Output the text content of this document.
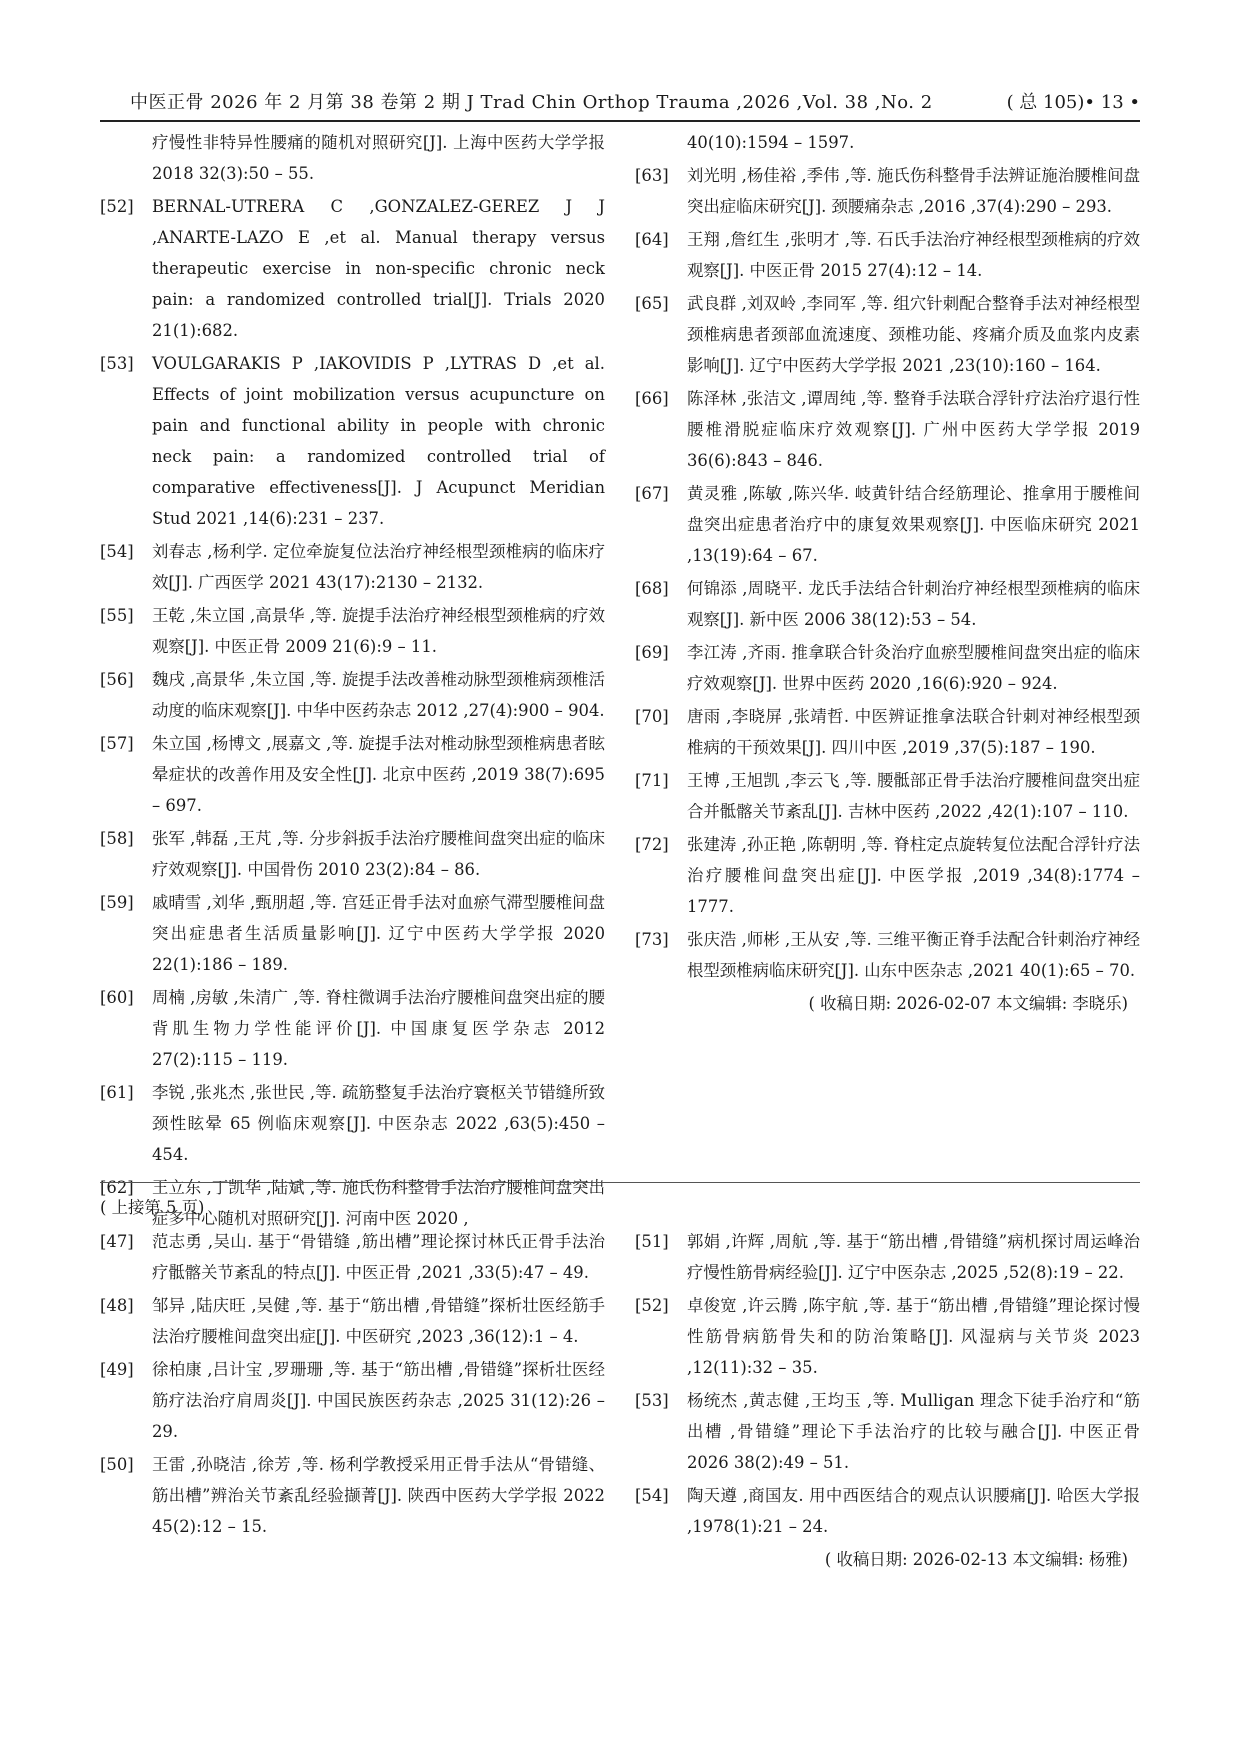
中医正骨 2026 年 2 月第 38 卷第 2 期 J Trad Chin Orthop Trauma ,2026 ,Vol. 38 ,No. 2	( 总 105)• 13 •

疗慢性非特异性腰痛的随机对照研究[J]. 上海中医药大学学报 2018 32(3):50 – 55.

[52]	BERNAL-UTRERA C ,GONZALEZ-GEREZ J J ,ANARTE-LAZO E ,et al. Manual therapy versus therapeutic exercise in non-specific chronic neck pain: a randomized controlled trial[J]. Trials 2020 21(1):682.

[53]	VOULGARAKIS P ,IAKOVIDIS P ,LYTRAS D ,et al. Effects of joint mobilization versus acupuncture on pain and functional ability in people with chronic neck pain: a randomized controlled trial of comparative effectiveness[J]. J Acupunct Meridian Stud 2021 ,14(6):231 – 237.

[54]	刘春志 ,杨利学. 定位牵旋复位法治疗神经根型颈椎病的临床疗效[J]. 广西医学 2021 43(17):2130 – 2132.

[55]	王乾 ,朱立国 ,高景华 ,等. 旋提手法治疗神经根型颈椎病的疗效观察[J]. 中医正骨 2009 21(6):9 – 11.

[56]	魏戌 ,高景华 ,朱立国 ,等. 旋提手法改善椎动脉型颈椎病颈椎活动度的临床观察[J]. 中华中医药杂志 2012 ,27(4):900 – 904.

[57]	朱立国 ,杨博文 ,展嘉文 ,等. 旋提手法对椎动脉型颈椎病患者眩晕症状的改善作用及安全性[J]. 北京中医药 ,2019 38(7):695 – 697.

[58]	张军 ,韩磊 ,王芃 ,等. 分步斜扳手法治疗腰椎间盘突出症的临床疗效观察[J]. 中国骨伤 2010 23(2):84 – 86.

[59]	戚晴雪 ,刘华 ,甄朋超 ,等. 宫廷正骨手法对血瘀气滞型腰椎间盘突出症患者生活质量影响[J]. 辽宁中医药大学学报 2020 22(1):186 – 189.

[60]	周楠 ,房敏 ,朱清广 ,等. 脊柱微调手法治疗腰椎间盘突出症的腰背肌生物力学性能评价[J]. 中国康复医学杂志 2012 27(2):115 – 119.

[61]	李锐 ,张兆杰 ,张世民 ,等. 疏筋整复手法治疗寰枢关节错缝所致颈性眩晕 65 例临床观察[J]. 中医杂志 2022 ,63(5):450 – 454.

[62]	王立东 ,丁凯华 ,陆斌 ,等. 施氏伤科整骨手法治疗腰椎间盘突出症多中心随机对照研究[J]. 河南中医 2020 ,

40(10):1594 – 1597.

[63]	刘光明 ,杨佳裕 ,季伟 ,等. 施氏伤科整骨手法辨证施治腰椎间盘突出症临床研究[J]. 颈腰痛杂志 ,2016 ,37(4):290 – 293.

[64]	王翔 ,詹红生 ,张明才 ,等. 石氏手法治疗神经根型颈椎病的疗效观察[J]. 中医正骨 2015 27(4):12 – 14.

[65]	武良群 ,刘双岭 ,李同军 ,等. 组穴针刺配合整脊手法对神经根型颈椎病患者颈部血流速度、颈椎功能、疼痛介质及血浆内皮素影响[J]. 辽宁中医药大学学报 2021 ,23(10):160 – 164.

[66]	陈泽林 ,张洁文 ,谭周纯 ,等. 整脊手法联合浮针疗法治疗退行性腰椎滑脱症临床疗效观察[J]. 广州中医药大学学报 2019 36(6):843 – 846.

[67]	黄灵雅 ,陈敏 ,陈兴华. 岐黄针结合经筋理论、推拿用于腰椎间盘突出症患者治疗中的康复效果观察[J]. 中医临床研究 2021 ,13(19):64 – 67.

[68]	何锦添 ,周晓平. 龙氏手法结合针刺治疗神经根型颈椎病的临床观察[J]. 新中医 2006 38(12):53 – 54.

[69]	李江涛 ,齐雨. 推拿联合针灸治疗血瘀型腰椎间盘突出症的临床疗效观察[J]. 世界中医药 2020 ,16(6):920 – 924.

[70]	唐雨 ,李晓屏 ,张靖哲. 中医辨证推拿法联合针刺对神经根型颈椎病的干预效果[J]. 四川中医 ,2019 ,37(5):187 – 190.

[71]	王博 ,王旭凯 ,李云飞 ,等. 腰骶部正骨手法治疗腰椎间盘突出症合并骶髂关节紊乱[J]. 吉林中医药 ,2022 ,42(1):107 – 110.

[72]	张建涛 ,孙正艳 ,陈朝明 ,等. 脊柱定点旋转复位法配合浮针疗法治疗腰椎间盘突出症[J]. 中医学报 ,2019 ,34(8):1774 – 1777.

[73]	张庆浩 ,师彬 ,王从安 ,等. 三维平衡正脊手法配合针刺治疗神经根型颈椎病临床研究[J]. 山东中医杂志 ,2021 40(1):65 – 70.

( 收稿日期: 2026-02-07 本文编辑: 李晓乐)
( 上接第 5 页)

[47]	范志勇 ,吴山. 基于“骨错缝 ,筋出槽”理论探讨林氏正骨手法治疗骶髂关节紊乱的特点[J]. 中医正骨 ,2021 ,33(5):47 – 49.

[48]	邹异 ,陆庆旺 ,吴健 ,等. 基于“筋出槽 ,骨错缝”探析壮医经筋手法治疗腰椎间盘突出症[J]. 中医研究 ,2023 ,36(12):1 – 4.

[49]	徐柏康 ,吕计宝 ,罗珊珊 ,等. 基于“筋出槽 ,骨错缝”探析壮医经筋疗法治疗肩周炎[J]. 中国民族医药杂志 ,2025 31(12):26 – 29.

[50]	王雷 ,孙晓洁 ,徐芳 ,等. 杨利学教授采用正骨手法从“骨错缝、筋出槽”辨治关节紊乱经验撷菁[J]. 陕西中医药大学学报 2022 45(2):12 – 15.

[51]	郭娟 ,许辉 ,周航 ,等. 基于“筋出槽 ,骨错缝”病机探讨周运峰治疗慢性筋骨病经验[J]. 辽宁中医杂志 ,2025 ,52(8):19 – 22.

[52]	卓俊宽 ,许云腾 ,陈宇航 ,等. 基于“筋出槽 ,骨错缝”理论探讨慢性筋骨病筋骨失和的防治策略[J]. 风湿病与关节炎 2023 ,12(11):32 – 35.

[53]	杨统杰 ,黄志健 ,王均玉 ,等. Mulligan 理念下徒手治疗和“筋出槽 ,骨错缝”理论下手法治疗的比较与融合[J]. 中医正骨 2026 38(2):49 – 51.

[54]	陶天遵 ,商国友. 用中西医结合的观点认识腰痛[J]. 哈医大学报 ,1978(1):21 – 24.

( 收稿日期: 2026-02-13 本文编辑: 杨雅)
